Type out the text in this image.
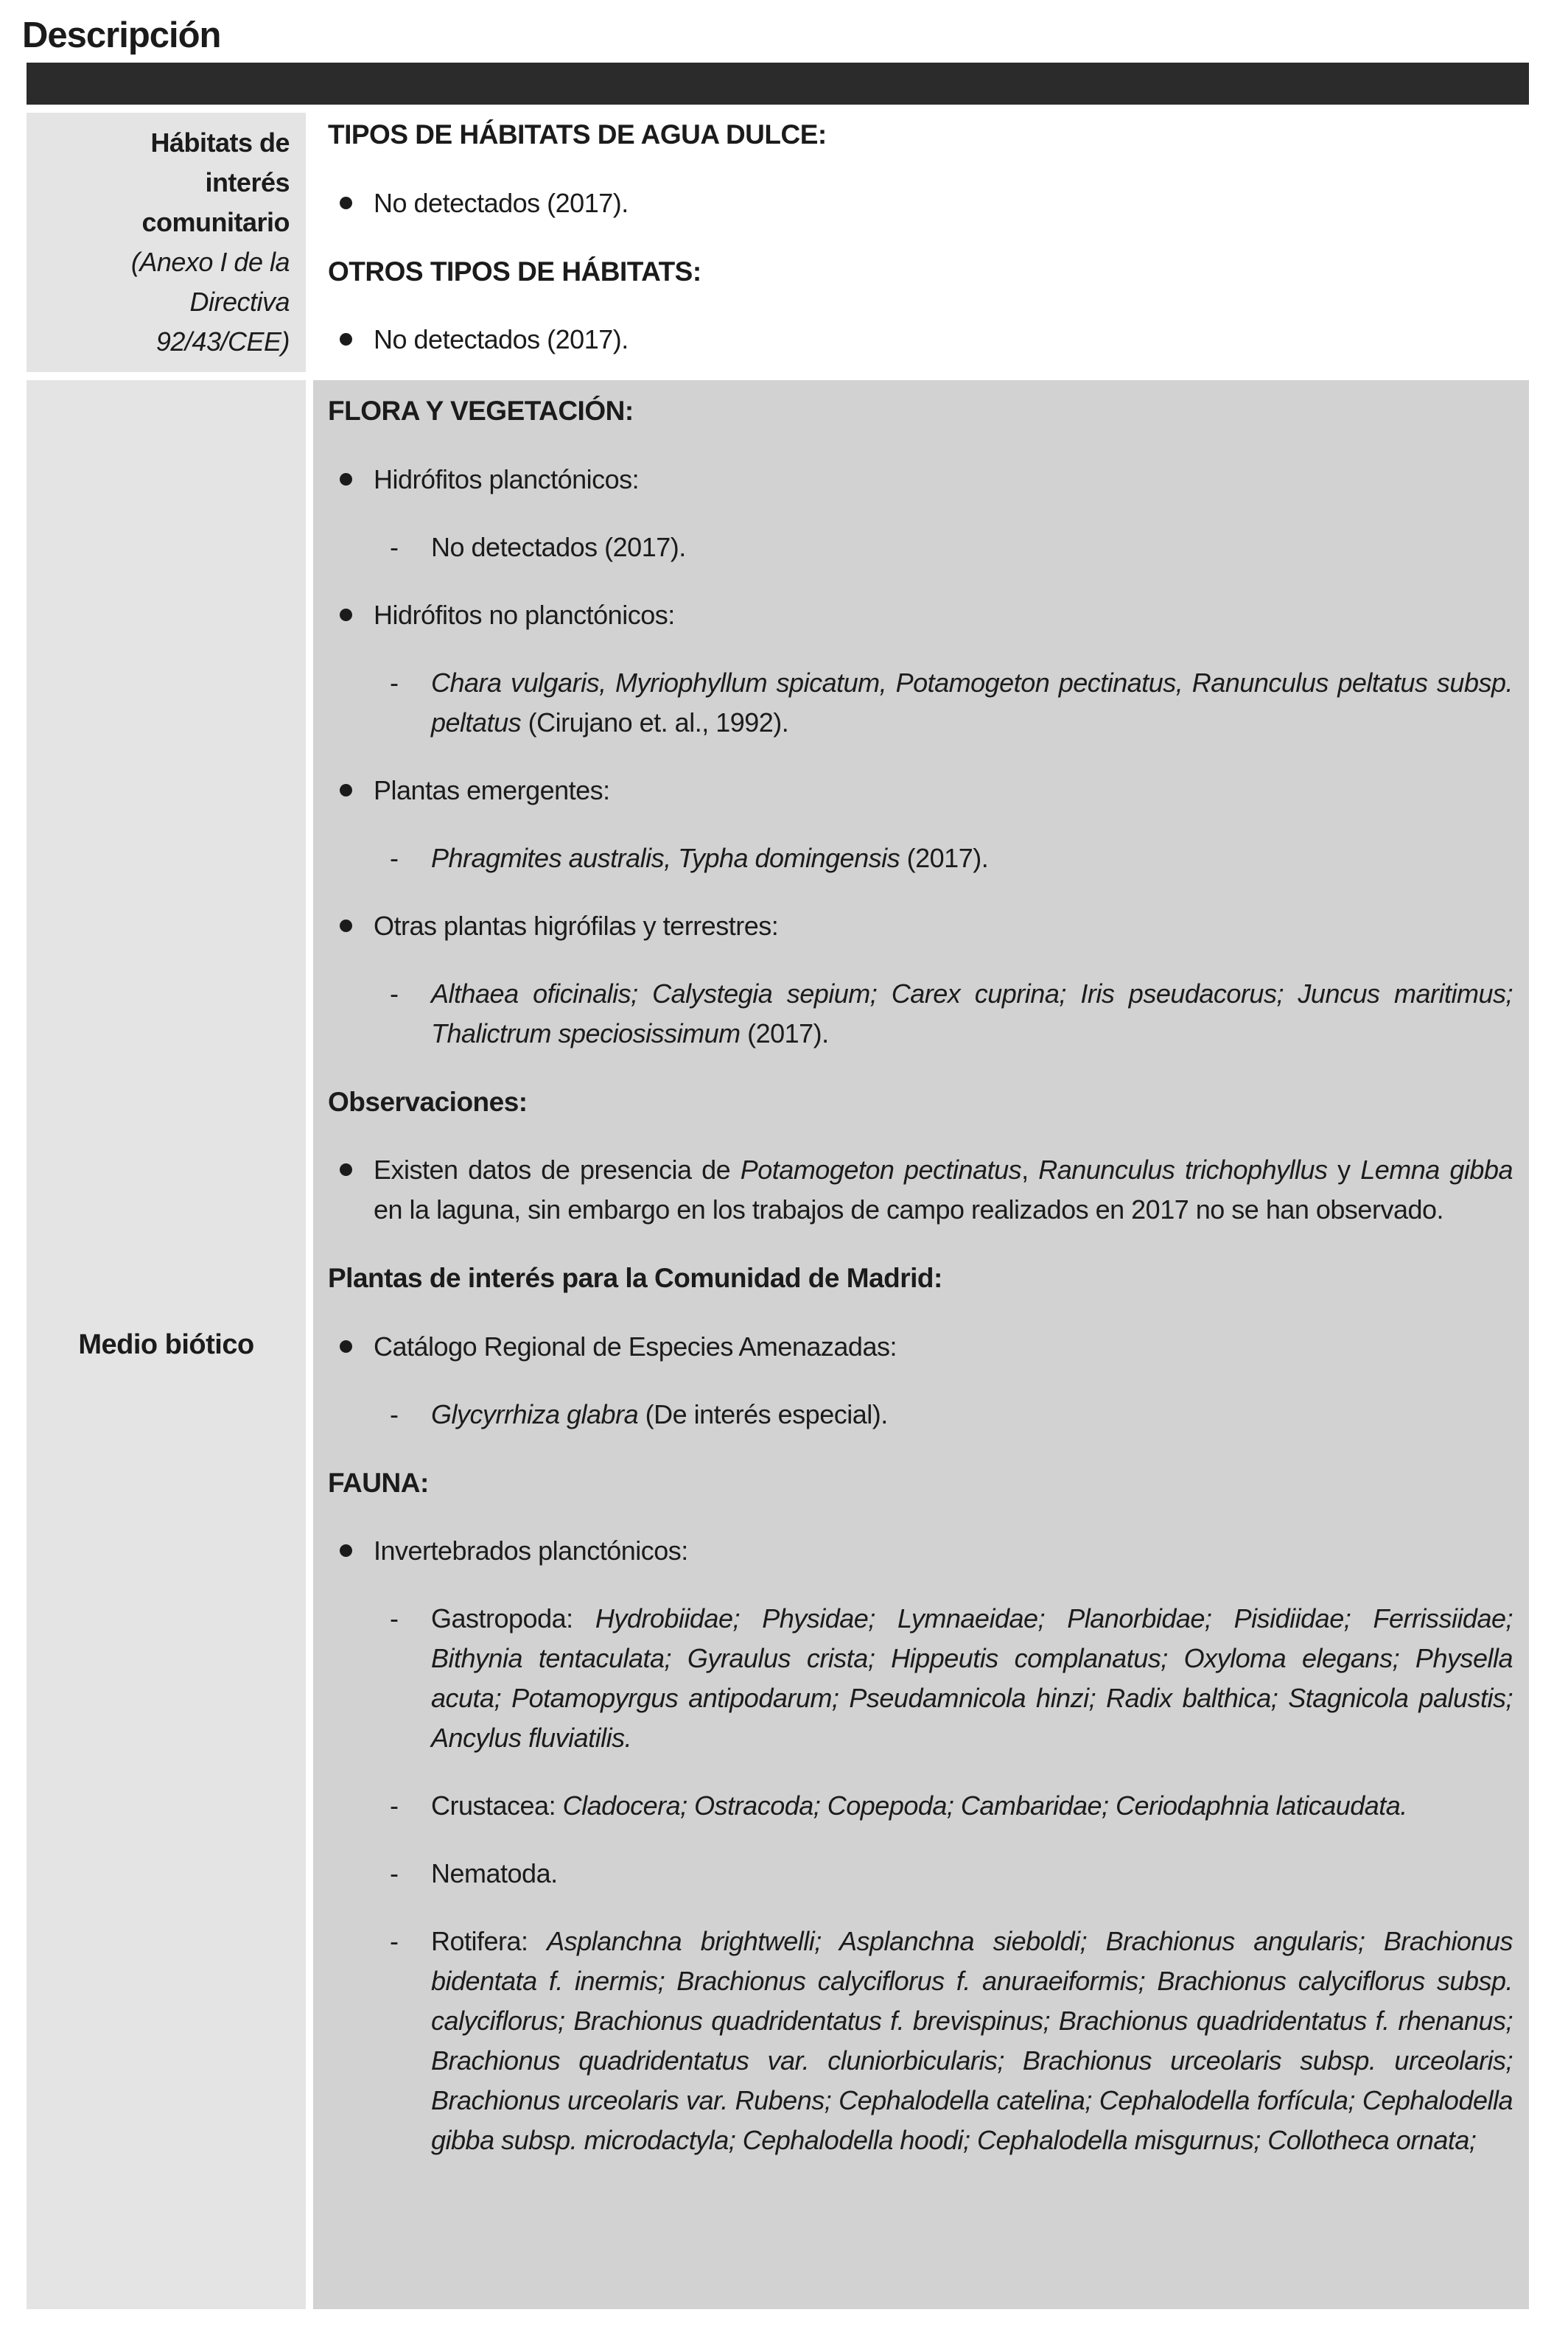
Descripción
Hábitats de
interés
comunitario
(Anexo I de la
Directiva
92/43/CEE)
TIPOS DE HÁBITATS DE AGUA DULCE:
No detectados (2017).
OTROS TIPOS DE HÁBITATS:
No detectados (2017).
Medio biótico
FLORA Y VEGETACIÓN:
Hidrófitos planctónicos:
- No detectados (2017).
Hidrófitos no planctónicos:
- Chara vulgaris, Myriophyllum spicatum, Potamogeton pectinatus, Ranunculus peltatus subsp. peltatus (Cirujano et. al., 1992).
Plantas emergentes:
- Phragmites australis, Typha domingensis (2017).
Otras plantas higrófilas y terrestres:
- Althaea oficinalis; Calystegia sepium; Carex cuprina; Iris pseudacorus; Juncus maritimus; Thalictrum speciosissimum (2017).
Observaciones:
Existen datos de presencia de Potamogeton pectinatus, Ranunculus trichophyllus y Lemna gibba en la laguna, sin embargo en los trabajos de campo realizados en 2017 no se han observado.
Plantas de interés para la Comunidad de Madrid:
Catálogo Regional de Especies Amenazadas:
- Glycyrrhiza glabra (De interés especial).
FAUNA:
Invertebrados planctónicos:
- Gastropoda: Hydrobiidae; Physidae; Lymnaeidae; Planorbidae; Pisidiidae; Ferrissiidae; Bithynia tentaculata; Gyraulus crista; Hippeutis complanatus; Oxyloma elegans; Physella acuta; Potamopyrgus antipodarum; Pseudamnicola hinzi; Radix balthica; Stagnicola palustis; Ancylus fluviatilis.
- Crustacea: Cladocera; Ostracoda; Copepoda; Cambaridae; Ceriodaphnia laticaudata.
- Nematoda.
- Rotifera: Asplanchna brightwelli; Asplanchna sieboldi; Brachionus angularis; Brachionus bidentata f. inermis; Brachionus calyciflorus f. anuraeiformis; Brachionus calyciflorus subsp. calyciflorus; Brachionus quadridentatus f. brevispinus; Brachionus quadridentatus f. rhenanus; Brachionus quadridentatus var. cluniorbicularis; Brachionus urceolaris subsp. urceolaris; Brachionus urceolaris var. Rubens; Cephalodella catelina; Cephalodella forfícula; Cephalodella gibba subsp. microdactyla; Cephalodella hoodi; Cephalodella misgurnus; Collotheca ornata;
